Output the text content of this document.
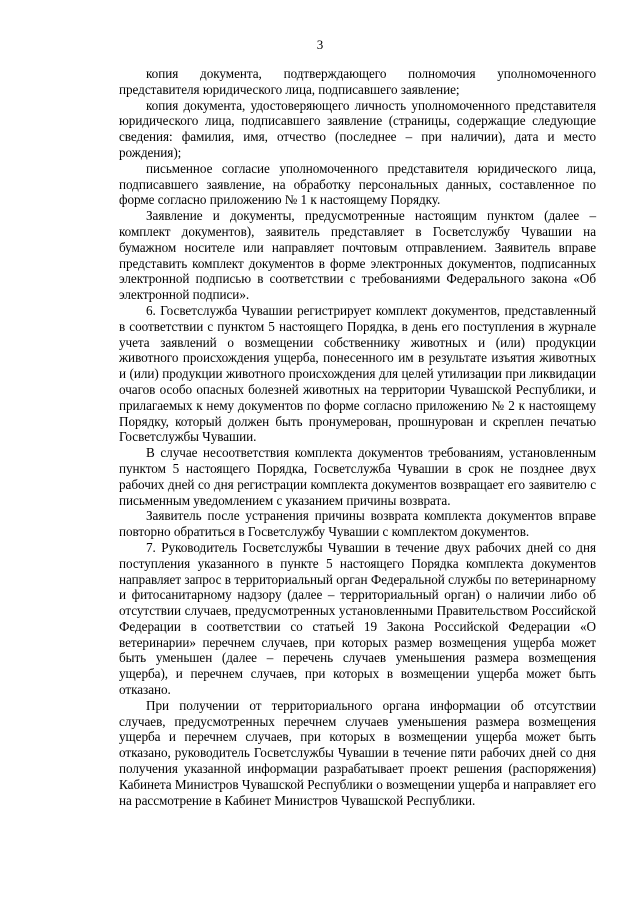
3

копия документа, подтверждающего полномочия уполномоченного представителя юридического лица, подписавшего заявление;

копия документа, удостоверяющего личность уполномоченного представителя юридического лица, подписавшего заявление (страницы, содержащие следующие сведения: фамилия, имя, отчество (последнее – при наличии), дата и место рождения);

письменное согласие уполномоченного представителя юридического лица, подписавшего заявление, на обработку персональных данных, составленное по форме согласно приложению № 1 к настоящему Порядку.

Заявление и документы, предусмотренные настоящим пунктом (далее – комплект документов), заявитель представляет в Госветслужбу Чувашии на бумажном носителе или направляет почтовым отправлением. Заявитель вправе представить комплект документов в форме электронных документов, подписанных электронной подписью в соответствии с требованиями Федерального закона «Об электронной подписи».

6. Госветслужба Чувашии регистрирует комплект документов, представленный в соответствии с пунктом 5 настоящего Порядка, в день его поступления в журнале учета заявлений о возмещении собственнику животных и (или) продукции животного происхождения ущерба, понесенного им в результате изъятия животных и (или) продукции животного происхождения для целей утилизации при ликвидации очагов особо опасных болезней животных на территории Чувашской Республики, и прилагаемых к нему документов по форме согласно приложению № 2 к настоящему Порядку, который должен быть пронумерован, прошнурован и скреплен печатью Госветслужбы Чувашии.

В случае несоответствия комплекта документов требованиям, установленным пунктом 5 настоящего Порядка, Госветслужба Чувашии в срок не позднее двух рабочих дней со дня регистрации комплекта документов возвращает его заявителю с письменным уведомлением с указанием причины возврата.

Заявитель после устранения причины возврата комплекта документов вправе повторно обратиться в Госветслужбу Чувашии с комплектом документов.

7. Руководитель Госветслужбы Чувашии в течение двух рабочих дней со дня поступления указанного в пункте 5 настоящего Порядка комплекта документов направляет запрос в территориальный орган Федеральной службы по ветеринарному и фитосанитарному надзору (далее – территориальный орган) о наличии либо об отсутствии случаев, предусмотренных установленными Правительством Российской Федерации в соответствии со статьей 19 Закона Российской Федерации «О ветеринарии» перечнем случаев, при которых размер возмещения ущерба может быть уменьшен (далее – перечень случаев уменьшения размера возмещения ущерба), и перечнем случаев, при которых в возмещении ущерба может быть отказано.

При получении от территориального органа информации об отсутствии случаев, предусмотренных перечнем случаев уменьшения размера возмещения ущерба и перечнем случаев, при которых в возмещении ущерба может быть отказано, руководитель Госветслужбы Чувашии в течение пяти рабочих дней со дня получения указанной информации разрабатывает проект решения (распоряжения) Кабинета Министров Чувашской Республики о возмещении ущерба и направляет его на рассмотрение в Кабинет Министров Чувашской Республики.
